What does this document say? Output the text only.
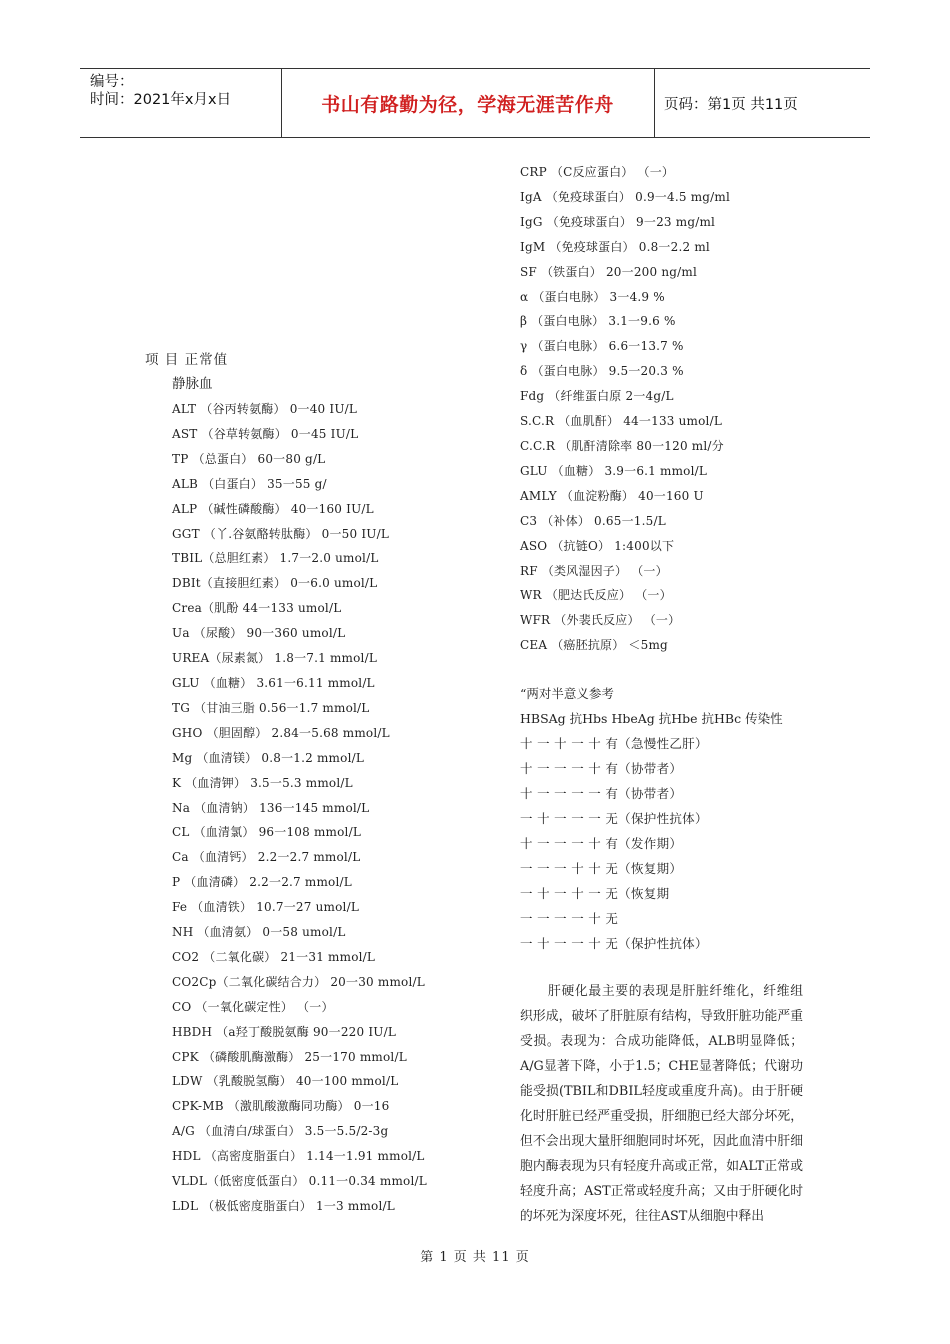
编号：
时间：2021年x月x日	书山有路勤为径，学海无涯苦作舟	页码：第1页 共11页
项 目 正常值
静脉血
ALT （谷丙转氨酶） 0一40 IU/L
AST （谷草转氨酶） 0一45 IU/L
TP （总蛋白） 60一80 g/L
ALB （白蛋白） 35一55 g/
ALP （碱性磷酸酶） 40一160 IU/L
GGT （丫.谷氨酪转肽酶） 0一50 IU/L
TBIL（总胆红素） 1.7一2.0 umol/L
DBIt（直接胆红素） 0一6.0 umol/L
Crea（肌酚 44一133 umol/L
Ua （尿酸） 90一360 umol/L
UREA（尿素氮） 1.8一7.1 mmol/L
GLU （血糖） 3.61一6.11 mmol/L
TG （甘油三脂 0.56一1.7 mmol/L
GHO （胆固醇） 2.84一5.68 mmol/L
Mg （血清镁） 0.8一1.2 mmol/L
K （血清钾） 3.5一5.3 mmol/L
Na （血清钠） 136一145 mmol/L
CL （血清氯） 96一108 mmol/L
Ca （血清钙） 2.2一2.7 mmol/L
P （血清磷） 2.2一2.7 mmol/L
Fe （血清铁） 10.7一27 umol/L
NH （血清氨） 0一58 umol/L
CO2 （二氧化碳） 21一31 mmol/L
CO2Cp（二氧化碳结合力） 20一30 mmol/L
CO （一氧化碳定性） （一）
HBDH （a羟丁酸脱氨酶 90一220 IU/L
CPK （磷酸肌酶激酶） 25一170 mmol/L
LDW （乳酸脱氢酶） 40一100 mmol/L
CPK-MB （激肌酸激酶同功酶） 0一16
A/G （血清白/球蛋白） 3.5一5.5/2-3g
HDL （高密度脂蛋白） 1.14一1.91 mmol/L
VLDL（低密度低蛋白） 0.11一0.34 mmol/L
LDL （极低密度脂蛋白） 1一3 mmol/L
CRP （C反应蛋白） （一）
IgA （免疫球蛋白） 0.9一4.5 mg/ml
IgG （免疫球蛋白） 9一23 mg/ml
IgM （免疫球蛋白） 0.8一2.2 ml
SF （铁蛋白） 20一200 ng/ml
α （蛋白电脉） 3一4.9 %
β （蛋白电脉） 3.1一9.6 %
γ （蛋白电脉） 6.6一13.7 %
δ （蛋白电脉） 9.5一20.3 %
Fdg （纤维蛋白原 2一4g/L
S.C.R （血肌酐） 44一133 umol/L
C.C.R （肌酐清除率 80一120 ml/分
GLU （血糖） 3.9一6.1 mmol/L
AMLY （血淀粉酶） 40一160 U
C3 （补体） 0.65一1.5/L
ASO （抗链O） 1:400以下
RF （类风湿因子） （一）
WR （肥达氏反应） （一）
WFR （外裴氏反应） （一）
CEA （癌胚抗原） ＜5mg
“两对半意义参考
HBSAg 抗Hbs HbeAg 抗Hbe 抗HBc 传染性
十 一 十 一 十 有（急慢性乙肝）
十 一 一 一 十 有（协带者）
十 一 一 一 一 有（协带者）
一 十 一 一 一 无（保护性抗体）
十 一 一 一 十 有（发作期）
一 一 一 十 十 无（恢复期）
一 十 一 十 一 无（恢复期
一 一 一 一 十 无
一 十 一 一 十 无（保护性抗体）

肝硬化最主要的表现是肝脏纤维化，纤维组织形成，破坏了肝脏原有结构，导致肝脏功能严重受损。表现为：合成功能降低，ALB明显降低；A/G显著下降，小于1.5；CHE显著降低；代谢功能受损(TBIL和DBIL轻度或重度升高)。由于肝硬化时肝脏已经严重受损，肝细胞已经大部分坏死，但不会出现大量肝细胞同时坏死，因此血清中肝细胞内酶表现为只有轻度升高或正常，如ALT正常或轻度升高；AST正常或轻度升高；又由于肝硬化时的坏死为深度坏死，往往AST从细胞中释出

第 1 页 共 11 页
